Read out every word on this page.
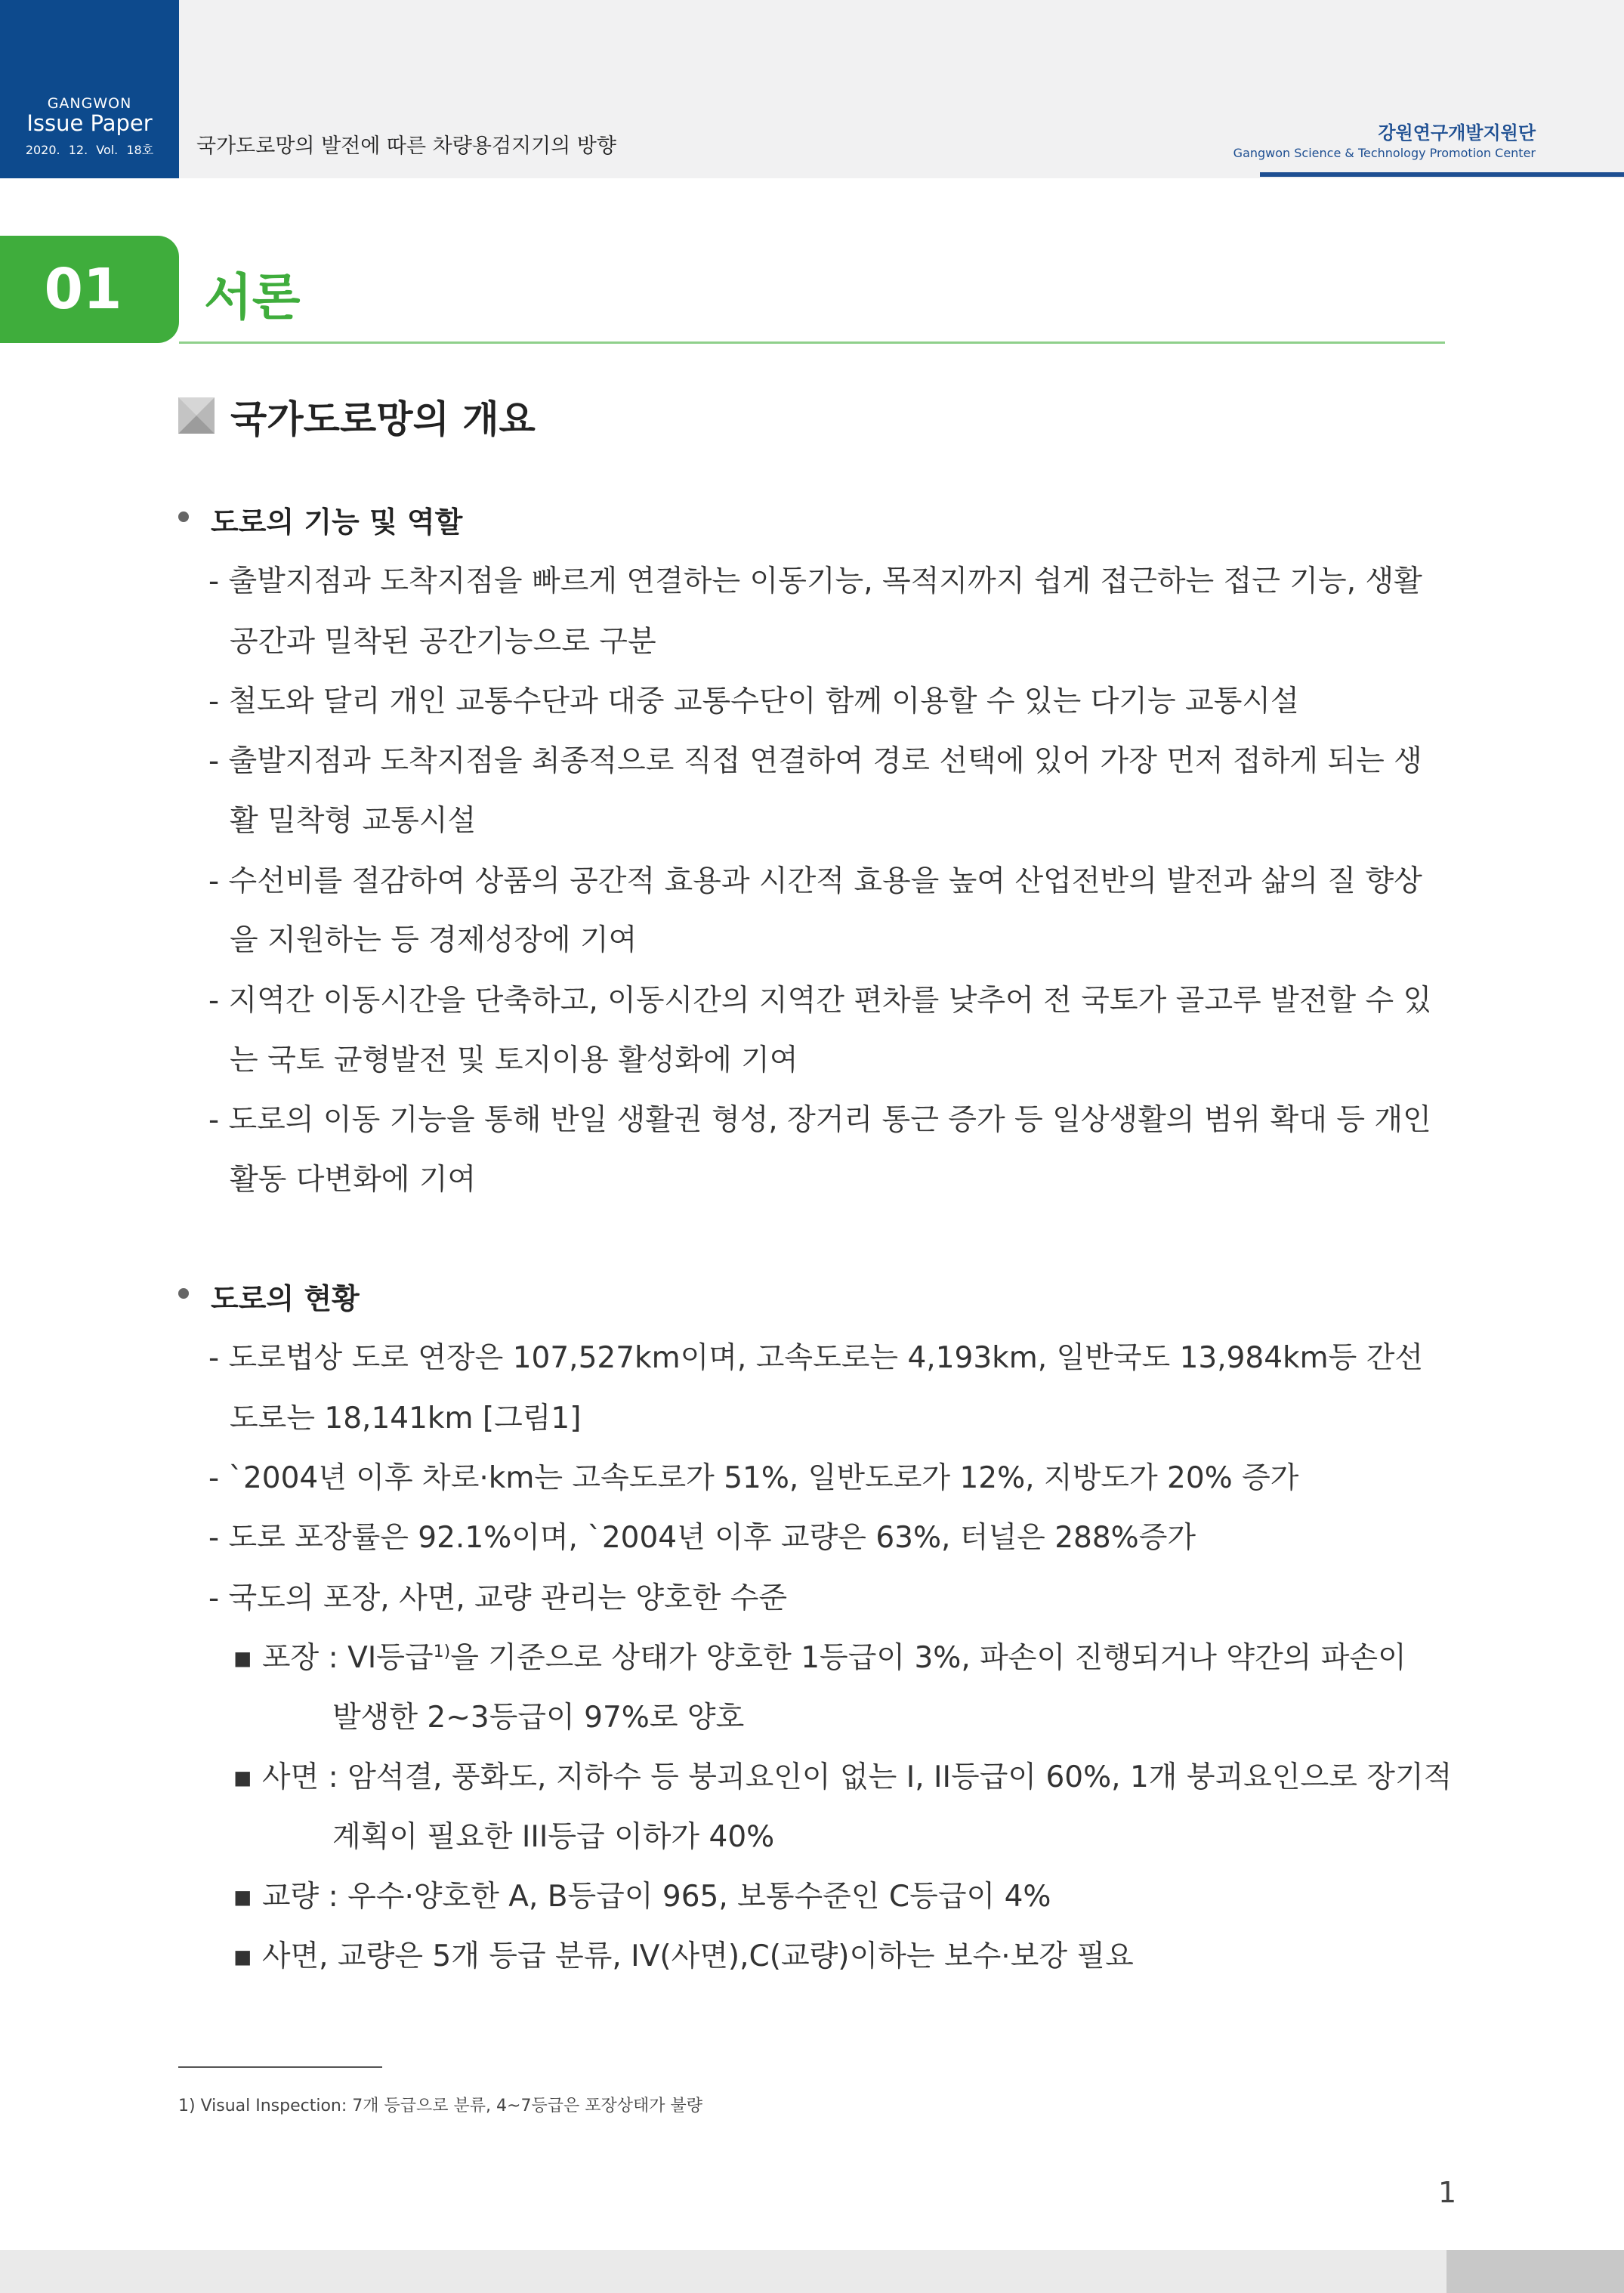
GANGWON
Issue Paper
2020. 12. Vol. 18호	국가도로망의 발전에 따른 차량용검지기의 방향
강원연구개발지원단
Gangwon Science & Technology Promotion Center
01	서론
국가도로망의 개요
도로의 기능 및 역할
- 출발지점과 도착지점을 빠르게 연결하는 이동기능, 목적지까지 쉽게 접근하는 접근 기능, 생활
공간과 밀착된 공간기능으로 구분
- 철도와 달리 개인 교통수단과 대중 교통수단이 함께 이용할 수 있는 다기능 교통시설
- 출발지점과 도착지점을 최종적으로 직접 연결하여 경로 선택에 있어 가장 먼저 접하게 되는 생
활 밀착형 교통시설
- 수선비를 절감하여 상품의 공간적 효용과 시간적 효용을 높여 산업전반의 발전과 삶의 질 향상
을 지원하는 등 경제성장에 기여
- 지역간 이동시간을 단축하고, 이동시간의 지역간 편차를 낮추어 전 국토가 골고루 발전할 수 있
는 국토 균형발전 및 토지이용 활성화에 기여
- 도로의 이동 기능을 통해 반일 생활권 형성, 장거리 통근 증가 등 일상생활의 범위 확대 등 개인
활동 다변화에 기여
도로의 현황
- 도로법상 도로 연장은 107,527km이며, 고속도로는 4,193km, 일반국도 13,984km등 간선
도로는 18,141km [그림1]
- `2004년 이후 차로·km는 고속도로가 51%, 일반도로가 12%, 지방도가 20% 증가
- 도로 포장률은 92.1%이며, `2004년 이후 교량은 63%, 터널은 288%증가
- 국도의 포장, 사면, 교량 관리는 양호한 수준
▪ 포장 : VI등급$^{1)}$을 기준으로 상태가 양호한 1등급이 3%, 파손이 진행되거나 약간의 파손이
발생한 2~3등급이 97%로 양호
▪ 사면 : 암석결, 풍화도, 지하수 등 붕괴요인이 없는 I, II등급이 60%, 1개 붕괴요인으로 장기적
계획이 필요한 III등급 이하가 40%
▪ 교량 : 우수·양호한 A, B등급이 965, 보통수준인 C등급이 4%
▪ 사면, 교량은 5개 등급 분류, IV(사면),C(교량)이하는 보수·보강 필요
1) Visual Inspection: 7개 등급으로 분류, 4~7등급은 포장상태가 불량
1
